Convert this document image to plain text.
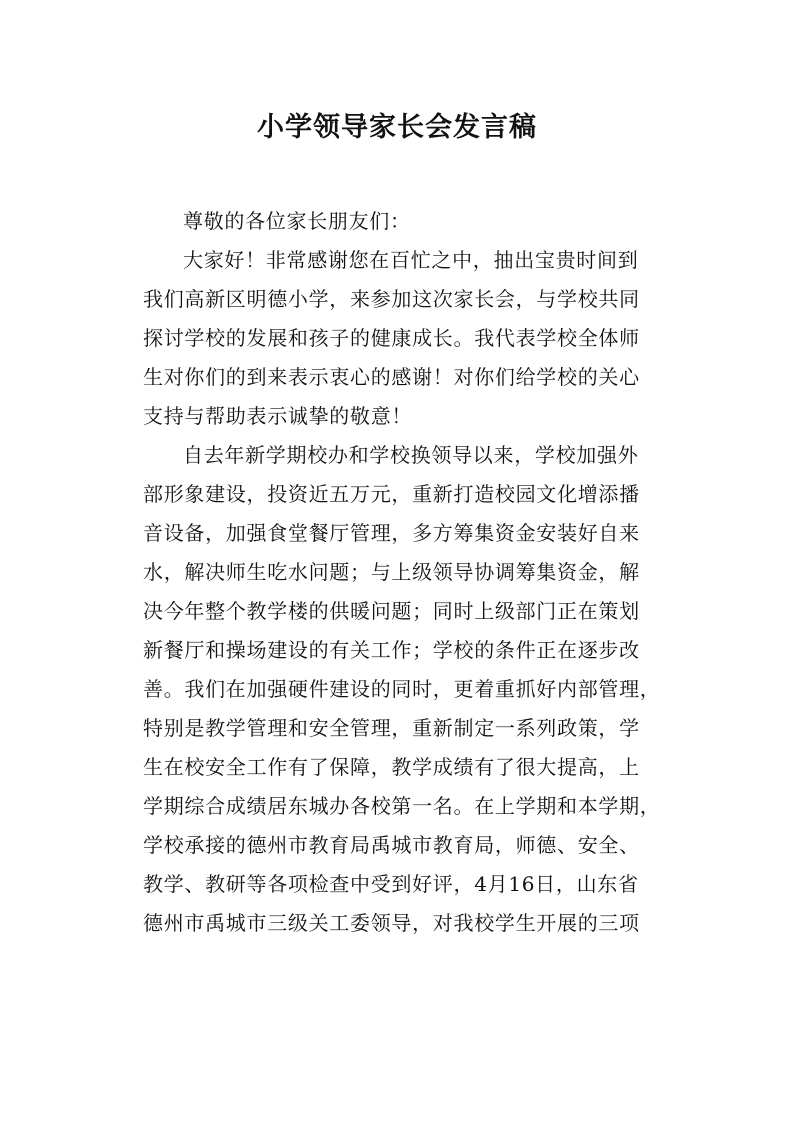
小学领导家长会发言稿
尊敬的各位家长朋友们：
大家好！非常感谢您在百忙之中，抽出宝贵时间到
我们高新区明德小学，来参加这次家长会，与学校共同
探讨学校的发展和孩子的健康成长。我代表学校全体师
生对你们的到来表示衷心的感谢！对你们给学校的关心
支持与帮助表示诚挚的敬意！
自去年新学期校办和学校换领导以来，学校加强外
部形象建设，投资近五万元，重新打造校园文化增添播
音设备，加强食堂餐厅管理，多方筹集资金安装好自来
水，解决师生吃水问题；与上级领导协调筹集资金，解
决今年整个教学楼的供暖问题；同时上级部门正在策划
新餐厅和操场建设的有关工作；学校的条件正在逐步改
善。我们在加强硬件建设的同时，更着重抓好内部管理，
特别是教学管理和安全管理，重新制定一系列政策，学
生在校安全工作有了保障，教学成绩有了很大提高，上
学期综合成绩居东城办各校第一名。在上学期和本学期，
学校承接的德州市教育局禹城市教育局，师德、安全、
教学、教研等各项检查中受到好评，4月16日，山东省
德州市禹城市三级关工委领导，对我校学生开展的三项
